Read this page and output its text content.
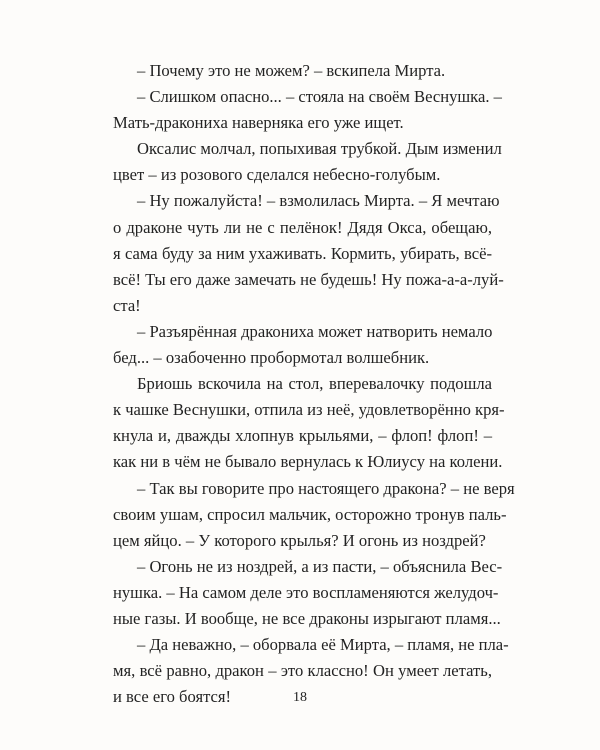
– Почему это не можем? – вскипела Мирта.
– Слишком опасно... – стояла на своём Веснушка. –
Мать-дракониха наверняка его уже ищет.
Оксалис молчал, попыхивая трубкой. Дым изменил
цвет – из розового сделался небесно-голубым.
– Ну пожалуйста! – взмолилась Мирта. – Я мечтаю
о драконе чуть ли не с пелёнок! Дядя Окса, обещаю,
я сама буду за ним ухаживать. Кормить, убирать, всё-
всё! Ты его даже замечать не будешь! Ну пожа-а-а-луй-
ста!
– Разъярённая дракониха может натворить немало
бед... – озабоченно пробормотал волшебник.
Бриошь вскочила на стол, вперевалочку подошла
к чашке Веснушки, отпила из неё, удовлетворённо кря-
кнула и, дважды хлопнув крыльями, – флоп! флоп! –
как ни в чём не бывало вернулась к Юлиусу на колени.
– Так вы говорите про настоящего дракона? – не веря
своим ушам, спросил мальчик, осторожно тронув паль-
цем яйцо. – У которого крылья? И огонь из ноздрей?
– Огонь не из ноздрей, а из пасти, – объяснила Вес-
нушка. – На самом деле это воспламеняются желудоч-
ные газы. И вообще, не все драконы изрыгают пламя...
– Да неважно, – оборвала её Мирта, – пламя, не пла-
мя, всё равно, дракон – это классно! Он умеет летать,
и все его боятся!	18
